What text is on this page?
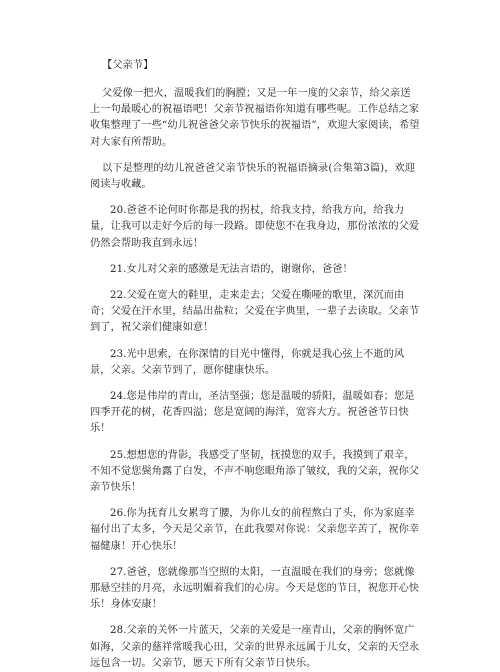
【父亲节】

父爱像一把火，温暖我们的胸膛；又是一年一度的父亲节，给父亲送上一句最暖心的祝福语吧！父亲节祝福语你知道有哪些呢。工作总结之家收集整理了一些“幼儿祝爸爸父亲节快乐的祝福语”，欢迎大家阅读，希望对大家有所帮助。

以下是整理的幼儿祝爸爸父亲节快乐的祝福语摘录(合集第3篇)，欢迎阅读与收藏。

20.爸爸不论何时你都是我的拐杖，给我支持，给我方向，给我力量，让我可以走好今后的每一段路。即使您不在我身边，那份浓浓的父爱仍然会帮助我直到永远！
21.女儿对父亲的感激是无法言语的，谢谢你，爸爸！
22.父爱在宽大的鞋里，走来走去；父爱在嘶哑的歌里，深沉而由奇；父爱在汗水里，结晶出盐粒；父爱在字典里，一辈子去读取。父亲节到了，祝父亲们健康如意！
23.光中思索，在你深情的目光中懂得，你就是我心弦上不逝的风景，父亲。父亲节到了，愿你健康快乐。
24.您是伟岸的青山，圣洁坚强；您是温暖的骄阳，温暖如春；您是四季开花的树，花香四溢；您是宽阔的海洋，宽容大方。祝爸爸节日快乐！
25.想想您的背影，我感受了坚韧，抚摸您的双手，我摸到了艰辛，不知不觉您鬓角露了白发，不声不响您眼角添了皱纹，我的父亲，祝你父亲节快乐！
26.你为抚育儿女累弯了腰，为你儿女的前程熬白了头，你为家庭幸福付出了太多，今天是父亲节，在此我要对你说：父亲您辛苦了，祝你幸福健康！开心快乐！
27.爸爸，您就像那当空照的太阳，一直温暖在我们的身旁；您就像那悬空挂的月亮，永远明媚着我们的心房。今天是您的节日，祝您开心快乐！身体安康！
28.父亲的关怀一片蓝天，父亲的关爱是一座青山，父亲的胸怀宽广如海，父亲的慈祥常暖我心田，父亲的世界永远属于儿女，父亲的天空永远包含一切。父亲节，愿天下所有父亲节日快乐。
